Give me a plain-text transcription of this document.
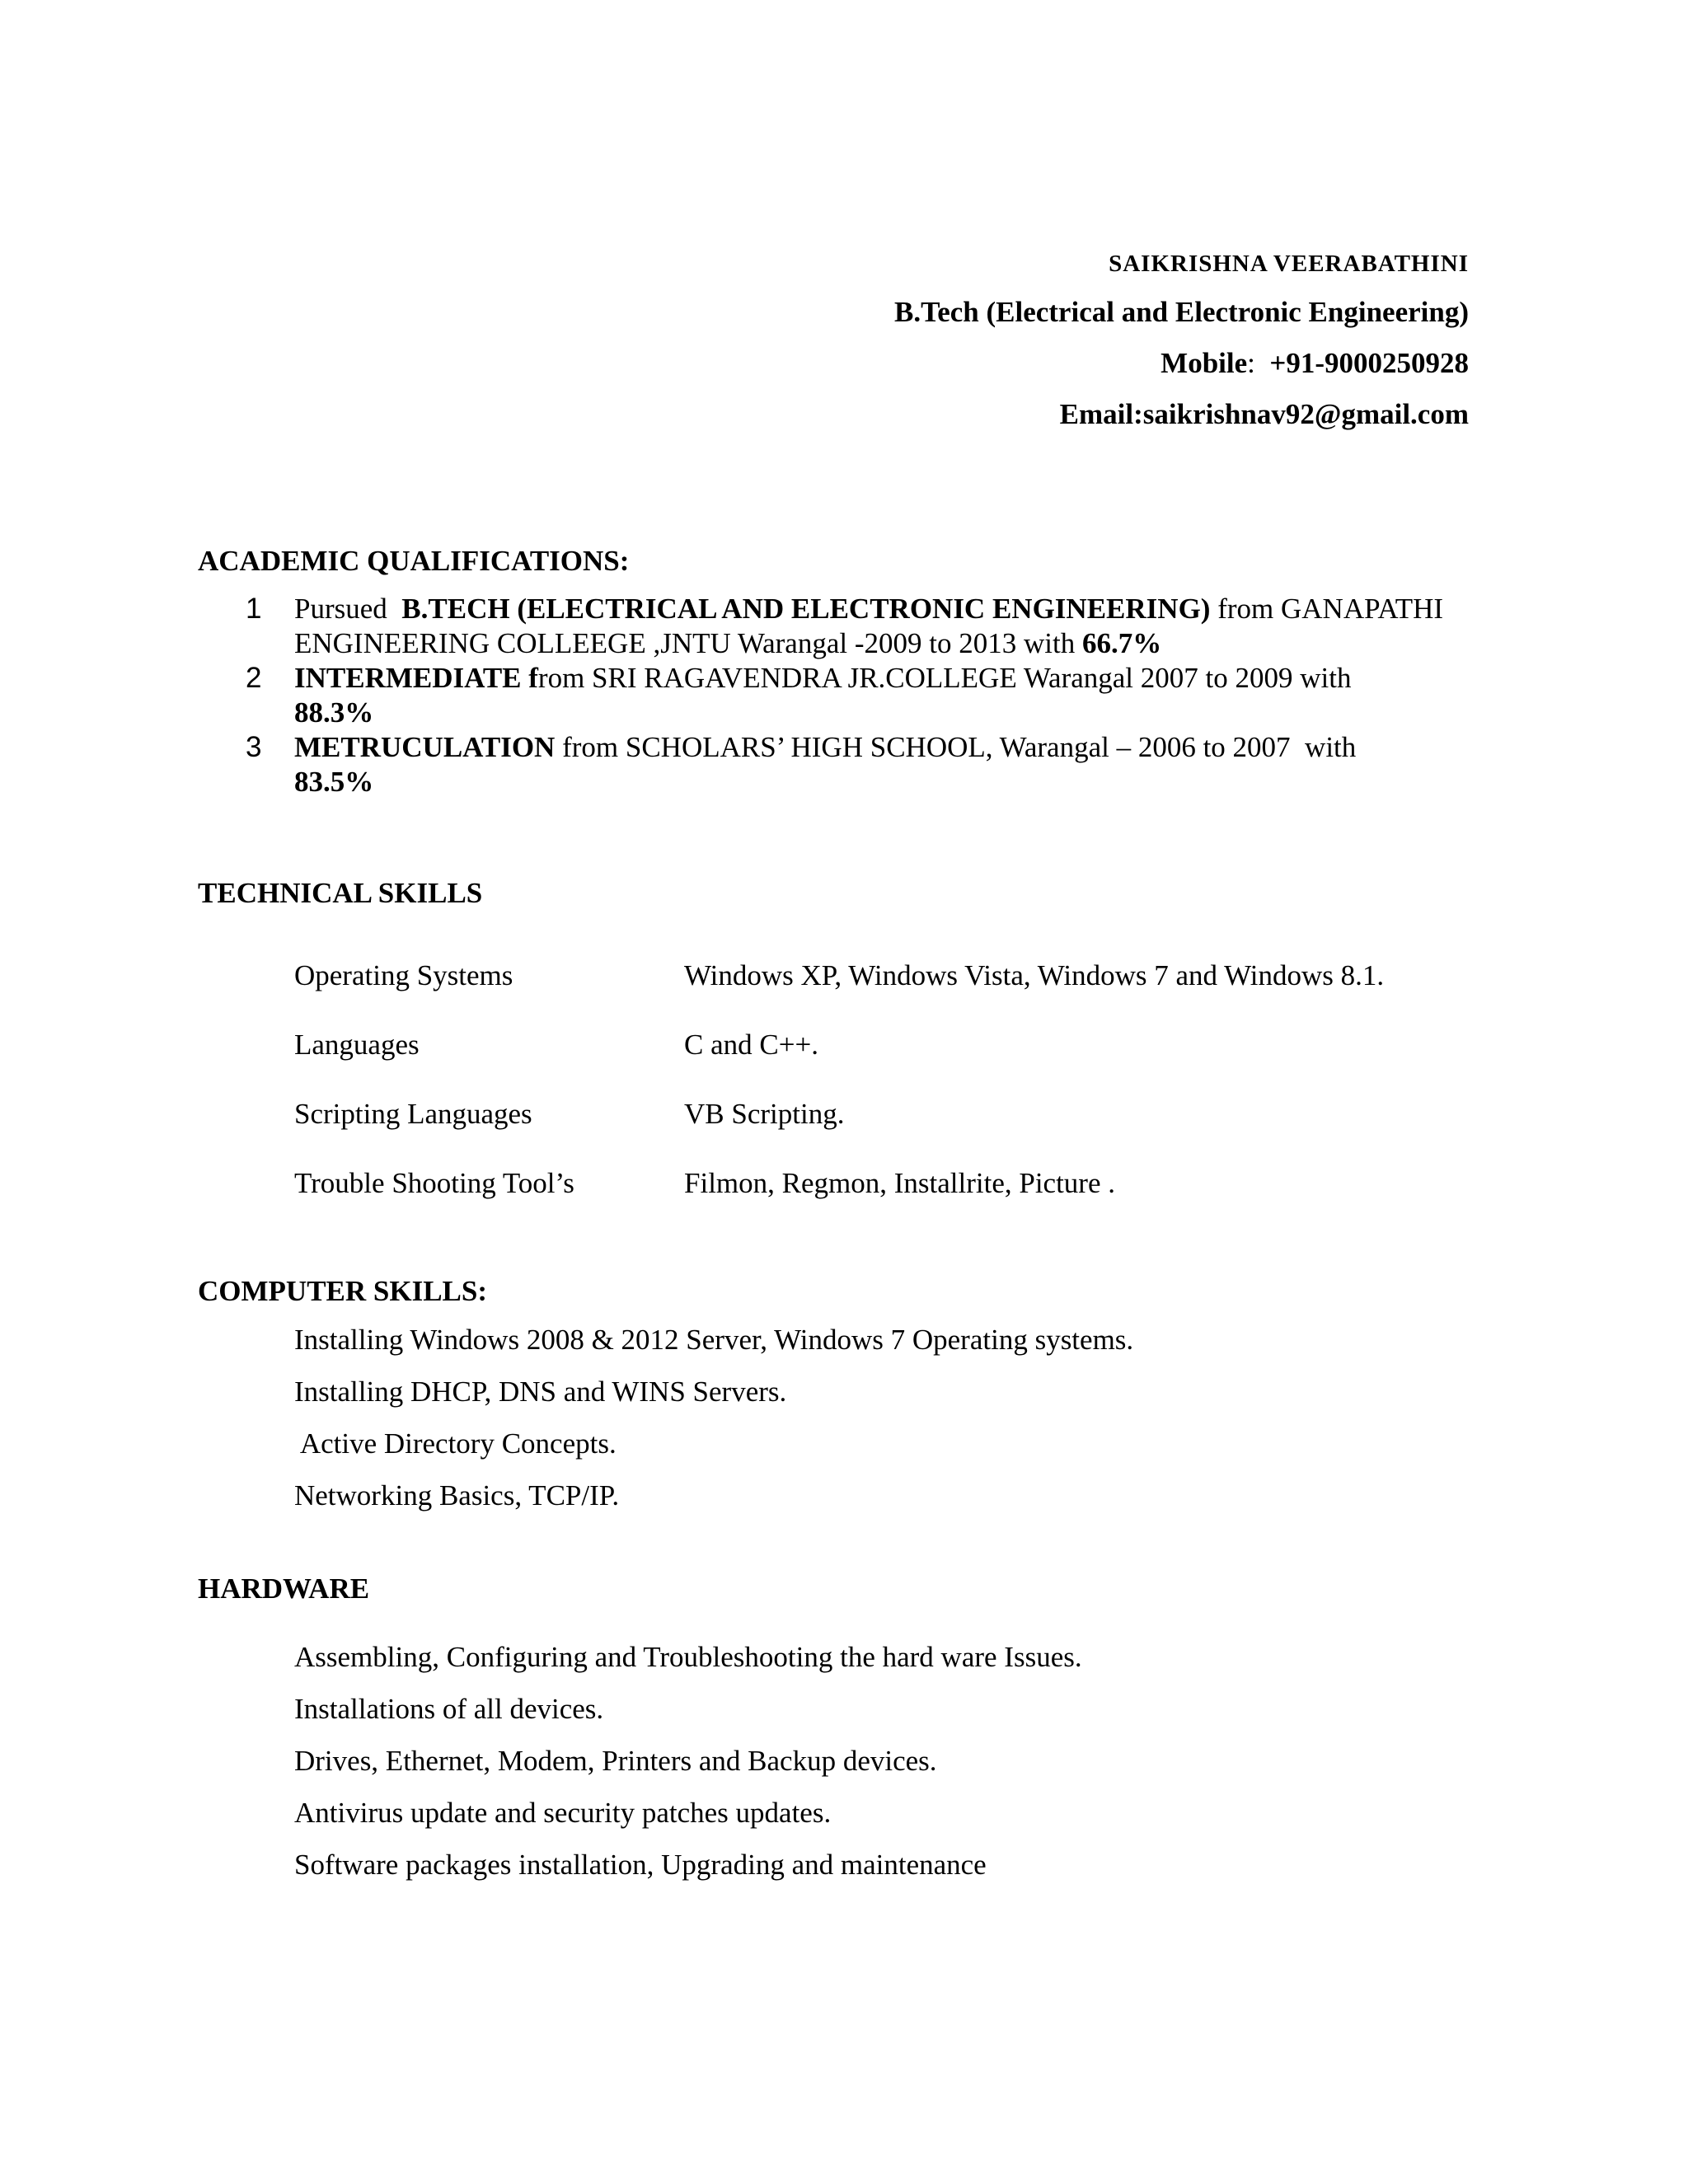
SAIKRISHNA VEERABATHINI
B.Tech (Electrical and Electronic Engineering)
Mobile:  +91-9000250928
Email:saikrishnav92@gmail.com
ACADEMIC QUALIFICATIONS:
1 Pursued  B.TECH (ELECTRICAL AND ELECTRONIC ENGINEERING) from GANAPATHI ENGINEERING COLLEEGE ,JNTU Warangal -2009 to 2013 with 66.7%
2 INTERMEDIATE from SRI RAGAVENDRA JR.COLLEGE Warangal 2007 to 2009 with
88.3%
3 METRUCULATION from SCHOLARS’ HIGH SCHOOL, Warangal – 2006 to 2007  with
83.5%
TECHNICAL SKILLS
Operating Systems	Windows XP, Windows Vista, Windows 7 and Windows 8.1.
Languages	C and C++.
Scripting Languages	VB Scripting.
Trouble Shooting Tool’s	Filmon, Regmon, Installrite, Picture .
COMPUTER SKILLS:
Installing Windows 2008 & 2012 Server, Windows 7 Operating systems.
Installing DHCP, DNS and WINS Servers.
Active Directory Concepts.
Networking Basics, TCP/IP.
HARDWARE
Assembling, Configuring and Troubleshooting the hard ware Issues.
Installations of all devices.
Drives, Ethernet, Modem, Printers and Backup devices.
Antivirus update and security patches updates.
Software packages installation, Upgrading and maintenance
